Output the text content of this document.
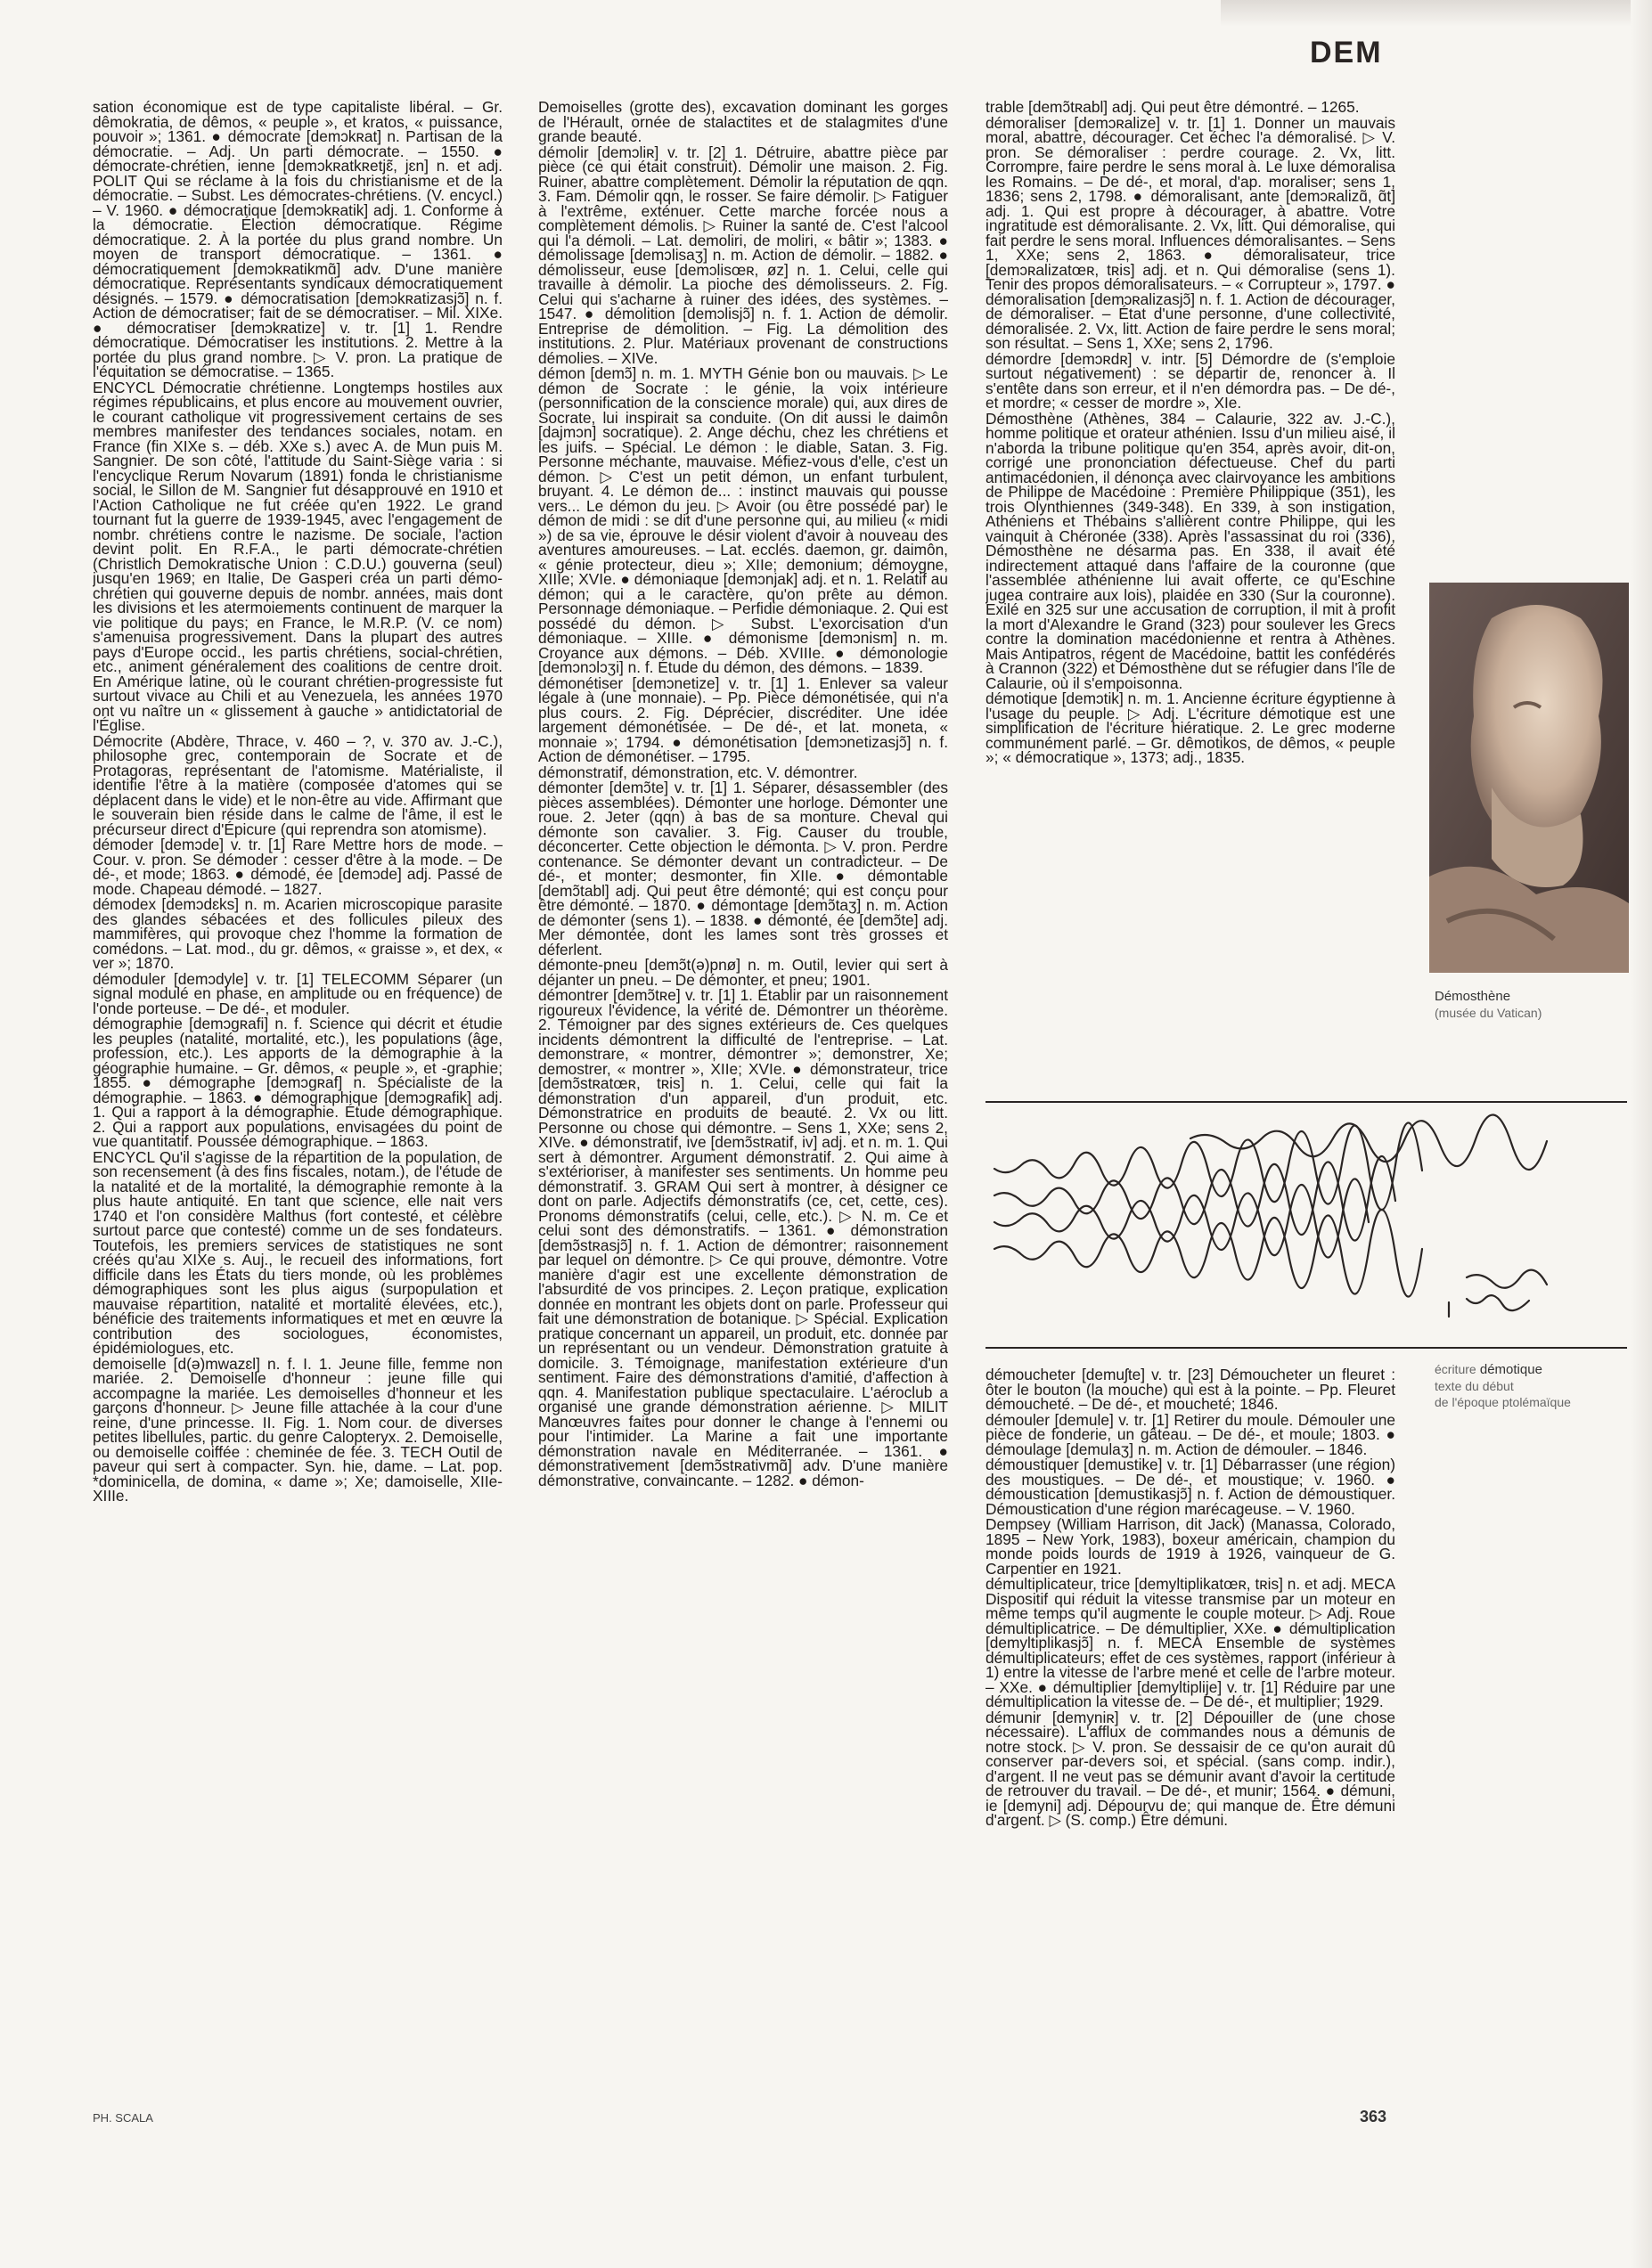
DEM

sation économique est de type capitaliste libéral. – Gr. dêmokratia, de dêmos, « peuple », et kratos, « puissance, pouvoir »; 1361. ● démocrate [demɔkʀat] n. Partisan de la démocratie. – Adj. Un parti démocrate. – 1550. ● démocrate-chrétien, ienne [demɔkʀatkʀetjɛ̃, jɛn] n. et adj. POLIT Qui se réclame à la fois du christianisme et de la démocratie. – Subst. Les démocrates-chrétiens. (V. encycl.) – V. 1960. ● démocratique [demɔkʀatik] adj. 1. Conforme à la démocratie. Élection démocratique. Régime démocratique. 2. À la portée du plus grand nombre. Un moyen de transport démocratique. – 1361. ● démocratiquement [demɔkʀatikmɑ̃] adv. D'une manière démocratique. Représentants syndicaux démocratiquement désignés. – 1579. ● démocratisation [demɔkʀatizasjɔ̃] n. f. Action de démocratiser; fait de se démocratiser. – Mil. XIXe. ● démocratiser [demɔkʀatize] v. tr. [1] 1. Rendre démocratique. Démocratiser les institutions. 2. Mettre à la portée du plus grand nombre. ▷ V. pron. La pratique de l'équitation se démocratise. – 1365.

ENCYCL Démocratie chrétienne. Longtemps hostiles aux régimes républicains, et plus encore au mouvement ouvrier, le courant catholique vit progressivement certains de ses membres manifester des tendances sociales, notam. en France (fin XIXe s. – déb. XXe s.) avec A. de Mun puis M. Sangnier. De son côté, l'attitude du Saint-Siège varia : si l'encyclique Rerum Novarum (1891) fonda le christianisme social, le Sillon de M. Sangnier fut désapprouvé en 1910 et l'Action Catholique ne fut créée qu'en 1922. Le grand tournant fut la guerre de 1939-1945, avec l'engagement de nombr. chrétiens contre le nazisme. De sociale, l'action devint polit. En R.F.A., le parti démocrate-chrétien (Christlich Demokratische Union : C.D.U.) gouverna (seul) jusqu'en 1969; en Italie, De Gasperi créa un parti démo-chrétien qui gouverne depuis de nombr. années, mais dont les divisions et les atermoiements continuent de marquer la vie politique du pays; en France, le M.R.P. (V. ce nom) s'amenuisa progressivement. Dans la plupart des autres pays d'Europe occid., les partis chrétiens, social-chrétien, etc., animent généralement des coalitions de centre droit. En Amérique latine, où le courant chrétien-progressiste fut surtout vivace au Chili et au Venezuela, les années 1970 ont vu naître un « glissement à gauche » antidictatorial de l'Église.

Démocrite (Abdère, Thrace, v. 460 – ?, v. 370 av. J.-C.), philosophe grec, contemporain de Socrate et de Protagoras, représentant de l'atomisme. Matérialiste, il identifie l'être à la matière (composée d'atomes qui se déplacent dans le vide) et le non-être au vide. Affirmant que le souverain bien réside dans le calme de l'âme, il est le précurseur direct d'Épicure (qui reprendra son atomisme).

démoder [demɔde] v. tr. [1] Rare Mettre hors de mode. – Cour. v. pron. Se démoder : cesser d'être à la mode. – De dé-, et mode; 1863. ● démodé, ée [demɔde] adj. Passé de mode. Chapeau démodé. – 1827.

démodex [demɔdɛks] n. m. Acarien microscopique parasite des glandes sébacées et des follicules pileux des mammifères, qui provoque chez l'homme la formation de comédons. – Lat. mod., du gr. dêmos, « graisse », et dex, « ver »; 1870.

démoduler [demɔdyle] v. tr. [1] TELECOMM Séparer (un signal modulé en phase, en amplitude ou en fréquence) de l'onde porteuse. – De dé-, et moduler.

démographie [demɔgʀafi] n. f. Science qui décrit et étudie les peuples (natalité, mortalité, etc.), les populations (âge, profession, etc.). Les apports de la démographie à la géographie humaine. – Gr. dêmos, « peuple », et -graphie; 1855. ● démographe [demɔgʀaf] n. Spécialiste de la démographie. – 1863. ● démographique [demɔgʀafik] adj. 1. Qui a rapport à la démographie. Étude démographique. 2. Qui a rapport aux populations, envisagées du point de vue quantitatif. Poussée démographique. – 1863.

ENCYCL Qu'il s'agisse de la répartition de la population, de son recensement (à des fins fiscales, notam.), de l'étude de la natalité et de la mortalité, la démographie remonte à la plus haute antiquité. En tant que science, elle nait vers 1740 et l'on considère Malthus (fort contesté, et célèbre surtout parce que contesté) comme un de ses fondateurs. Toutefois, les premiers services de statistiques ne sont créés qu'au XIXe s. Auj., le recueil des informations, fort difficile dans les États du tiers monde, où les problèmes démographiques sont les plus aigus (surpopulation et mauvaise répartition, natalité et mortalité élevées, etc.), bénéficie des traitements informatiques et met en œuvre la contribution des sociologues, économistes, épidémiologues, etc.

demoiselle [d(ə)mwazɛl] n. f. I. 1. Jeune fille, femme non mariée. 2. Demoiselle d'honneur : jeune fille qui accompagne la mariée. Les demoiselles d'honneur et les garçons d'honneur. ▷ Jeune fille attachée à la cour d'une reine, d'une princesse. II. Fig. 1. Nom cour. de diverses petites libellules, partic. du genre Calopteryx. 2. Demoiselle, ou demoiselle coiffée : cheminée de fée. 3. TECH Outil de paveur qui sert à compacter. Syn. hie, dame. – Lat. pop. *dominicella, de domina, « dame »; Xe; damoiselle, XIIe-XIIIe.

Demoiselles (grotte des), excavation dominant les gorges de l'Hérault, ornée de stalactites et de stalagmites d'une grande beauté.

démolir [demɔliʀ] v. tr. [2] 1. Détruire, abattre pièce par pièce (ce qui était construit). Démolir une maison. 2. Fig. Ruiner, abattre complètement. Démolir la réputation de qqn. 3. Fam. Démolir qqn, le rosser. Se faire démolir. ▷ Fatiguer à l'extrême, exténuer. Cette marche forcée nous a complètement démolis. ▷ Ruiner la santé de. C'est l'alcool qui l'a démoli. – Lat. demoliri, de moliri, « bâtir »; 1383. ● démolissage [demɔlisaʒ] n. m. Action de démolir. – 1882. ● démolisseur, euse [demɔlisœʀ, øz] n. 1. Celui, celle qui travaille à démolir. La pioche des démolisseurs. 2. Fig. Celui qui s'acharne à ruiner des idées, des systèmes. – 1547. ● démolition [demɔlisjɔ̃] n. f. 1. Action de démolir. Entreprise de démolition. – Fig. La démolition des institutions. 2. Plur. Matériaux provenant de constructions démolies. – XIVe.

démon [demɔ̃] n. m. 1. MYTH Génie bon ou mauvais. ▷ Le démon de Socrate : le génie, la voix intérieure (personnification de la conscience morale) qui, aux dires de Socrate, lui inspirait sa conduite. (On dit aussi le daimôn [dajmɔn] socratique). 2. Ange déchu, chez les chrétiens et les juifs. – Spécial. Le démon : le diable, Satan. 3. Fig. Personne méchante, mauvaise. Méfiez-vous d'elle, c'est un démon. ▷ C'est un petit démon, un enfant turbulent, bruyant. 4. Le démon de... : instinct mauvais qui pousse vers... Le démon du jeu. ▷ Avoir (ou être possédé par) le démon de midi : se dit d'une personne qui, au milieu (« midi ») de sa vie, éprouve le désir violent d'avoir à nouveau des aventures amoureuses. – Lat. ecclés. daemon, gr. daimôn, « génie protecteur, dieu »; XIIe; demonium; démoygne, XIIIe; XVIe. ● démoniaque [demɔnjak] adj. et n. 1. Relatif au démon; qui a le caractère, qu'on prête au démon. Personnage démoniaque. – Perfidie démoniaque. 2. Qui est possédé du démon. ▷ Subst. L'exorcisation d'un démoniaque. – XIIIe. ● démonisme [demɔnism] n. m. Croyance aux démons. – Déb. XVIIIe. ● démonologie [demɔnɔlɔʒi] n. f. Étude du démon, des démons. – 1839.

démonétiser [demɔnetize] v. tr. [1] 1. Enlever sa valeur légale à (une monnaie). – Pp. Pièce démonétisée, qui n'a plus cours. 2. Fig. Déprécier, discréditer. Une idée largement démonétisée. – De dé-, et lat. moneta, « monnaie »; 1794. ● démonétisation [demɔnetizasjɔ̃] n. f. Action de démonétiser. – 1795.

démonstratif, démonstration, etc. V. démontrer.

démonter [demɔ̃te] v. tr. [1] 1. Séparer, désassembler (des pièces assemblées). Démonter une horloge. Démonter une roue. 2. Jeter (qqn) à bas de sa monture. Cheval qui démonte son cavalier. 3. Fig. Causer du trouble, déconcerter. Cette objection le démonta. ▷ V. pron. Perdre contenance. Se démonter devant un contradicteur. – De dé-, et monter; desmonter, fin XIIe. ● démontable [demɔ̃tabl] adj. Qui peut être démonté; qui est conçu pour être démonté. – 1870. ● démontage [demɔ̃taʒ] n. m. Action de démonter (sens 1). – 1838. ● démonté, ée [demɔ̃te] adj. Mer démontée, dont les lames sont très grosses et déferlent.

démonte-pneu [demɔ̃t(ə)pnø] n. m. Outil, levier qui sert à déjanter un pneu. – De démonter, et pneu; 1901.

démontrer [demɔ̃tʀe] v. tr. [1] 1. Établir par un raisonnement rigoureux l'évidence, la vérité de. Démontrer un théorème. 2. Témoigner par des signes extérieurs de. Ces quelques incidents démontrent la difficulté de l'entreprise. – Lat. demonstrare, « montrer, démontrer »; demonstrer, Xe; demostrer, « montrer », XIIe; XVIe. ● démonstrateur, trice [demɔ̃stʀatœʀ, tʀis] n. 1. Celui, celle qui fait la démonstration d'un appareil, d'un produit, etc. Démonstratrice en produits de beauté. 2. Vx ou litt. Personne ou chose qui démontre. – Sens 1, XXe; sens 2, XIVe. ● démonstratif, ive [demɔ̃stʀatif, iv] adj. et n. m. 1. Qui sert à démontrer. Argument démonstratif. 2. Qui aime à s'extérioriser, à manifester ses sentiments. Un homme peu démonstratif. 3. GRAM Qui sert à montrer, à désigner ce dont on parle. Adjectifs démonstratifs (ce, cet, cette, ces). Pronoms démonstratifs (celui, celle, etc.). ▷ N. m. Ce et celui sont des démonstratifs. – 1361. ● démonstration [demɔ̃stʀasjɔ̃] n. f. 1. Action de démontrer; raisonnement par lequel on démontre. ▷ Ce qui prouve, démontre. Votre manière d'agir est une excellente démonstration de l'absurdité de vos principes. 2. Leçon pratique, explication donnée en montrant les objets dont on parle. Professeur qui fait une démonstration de botanique. ▷ Spécial. Explication pratique concernant un appareil, un produit, etc. donnée par un représentant ou un vendeur. Démonstration gratuite à domicile. 3. Témoignage, manifestation extérieure d'un sentiment. Faire des démonstrations d'amitié, d'affection à qqn. 4. Manifestation publique spectaculaire. L'aéroclub a organisé une grande démonstration aérienne. ▷ MILIT Manœuvres faites pour donner le change à l'ennemi ou pour l'intimider. La Marine a fait une importante démonstration navale en Méditerranée. – 1361. ● démonstrativement [demɔ̃stʀativmɑ̃] adv. D'une manière démonstrative, convaincante. – 1282. ● démon-

trable [demɔ̃tʀabl] adj. Qui peut être démontré. – 1265.

démoraliser [demɔʀalize] v. tr. [1] 1. Donner un mauvais moral, abattre, décourager. Cet échec l'a démoralisé. ▷ V. pron. Se démoraliser : perdre courage. 2. Vx, litt. Corrompre, faire perdre le sens moral à. Le luxe démoralisa les Romains. – De dé-, et moral, d'ap. moraliser; sens 1, 1836; sens 2, 1798. ● démoralisant, ante [demɔʀalizɑ̃, ɑ̃t] adj. 1. Qui est propre à décourager, à abattre. Votre ingratitude est démoralisante. 2. Vx, litt. Qui démoralise, qui fait perdre le sens moral. Influences démoralisantes. – Sens 1, XXe; sens 2, 1863. ● démoralisateur, trice [demɔʀalizatœʀ, tʀis] adj. et n. Qui démoralise (sens 1). Tenir des propos démoralisateurs. – « Corrupteur », 1797. ● démoralisation [demɔʀalizasjɔ̃] n. f. 1. Action de décourager, de démoraliser. – État d'une personne, d'une collectivité, démoralisée. 2. Vx, litt. Action de faire perdre le sens moral; son résultat. – Sens 1, XXe; sens 2, 1796.

démordre [demɔʀdʀ] v. intr. [5] Démordre de (s'emploie surtout négativement) : se départir de, renoncer à. Il s'entête dans son erreur, et il n'en démordra pas. – De dé-, et mordre; « cesser de mordre », XIe.

Démosthène (Athènes, 384 – Calaurie, 322 av. J.-C.), homme politique et orateur athénien. Issu d'un milieu aisé, il n'aborda la tribune politique qu'en 354, après avoir, dit-on, corrigé une prononciation défectueuse. Chef du parti antimacédonien, il dénonça avec clairvoyance les ambitions de Philippe de Macédoine : Première Philippique (351), les trois Olynthiennes (349-348). En 339, à son instigation, Athéniens et Thébains s'allièrent contre Philippe, qui les vainquit à Chéronée (338). Après l'assassinat du roi (336), Démosthène ne désarma pas. En 338, il avait été indirectement attaqué dans l'affaire de la couronne (que l'assemblée athénienne lui avait offerte, ce qu'Eschine jugea contraire aux lois), plaidée en 330 (Sur la couronne). Exilé en 325 sur une accusation de corruption, il mit à profit la mort d'Alexandre le Grand (323) pour soulever les Grecs contre la domination macédonienne et rentra à Athènes. Mais Antipatros, régent de Macédoine, battit les confédérés à Crannon (322) et Démosthène dut se réfugier dans l'île de Calaurie, où il s'empoisonna.

démotique [demɔtik] n. m. 1. Ancienne écriture égyptienne à l'usage du peuple. ▷ Adj. L'écriture démotique est une simplification de l'écriture hiératique. 2. Le grec moderne communément parlé. – Gr. dêmotikos, de dêmos, « peuple »; « démocratique », 1373; adj., 1835.

Démosthène
(musée du Vatican)
écriture démotique
texte du début
de l'époque ptolémaïque

démoucheter [demuʃte] v. tr. [23] Démoucheter un fleuret : ôter le bouton (la mouche) qui est à la pointe. – Pp. Fleuret démoucheté. – De dé-, et moucheté; 1846.

démouler [demule] v. tr. [1] Retirer du moule. Démouler une pièce de fonderie, un gâteau. – De dé-, et moule; 1803. ● démoulage [demulaʒ] n. m. Action de démouler. – 1846.

démoustiquer [demustike] v. tr. [1] Débarrasser (une région) des moustiques. – De dé-, et moustique; v. 1960. ● démoustication [demustikasjɔ̃] n. f. Action de démoustiquer. Démoustication d'une région marécageuse. – V. 1960.

Dempsey (William Harrison, dit Jack) (Manassa, Colorado, 1895 – New York, 1983), boxeur américain, champion du monde poids lourds de 1919 à 1926, vainqueur de G. Carpentier en 1921.

démultiplicateur, trice [demyltiplikatœʀ, tʀis] n. et adj. MECA Dispositif qui réduit la vitesse transmise par un moteur en même temps qu'il augmente le couple moteur. ▷ Adj. Roue démultiplicatrice. – De démultiplier, XXe. ● démultiplication [demyltiplikasjɔ̃] n. f. MECA Ensemble de systèmes démultiplicateurs; effet de ces systèmes, rapport (inférieur à 1) entre la vitesse de l'arbre mené et celle de l'arbre moteur. – XXe. ● démultiplier [demyltiplije] v. tr. [1] Réduire par une démultiplication la vitesse de. – De dé-, et multiplier; 1929.

démunir [demyniʀ] v. tr. [2] Dépouiller de (une chose nécessaire). L'afflux de commandes nous a démunis de notre stock. ▷ V. pron. Se dessaisir de ce qu'on aurait dû conserver par-devers soi, et spécial. (sans comp. indir.), d'argent. Il ne veut pas se démunir avant d'avoir la certitude de retrouver du travail. – De dé-, et munir; 1564. ● démuni, ie [demyni] adj. Dépourvu de; qui manque de. Être démuni d'argent. ▷ (S. comp.) Être démuni.

PH. SCALA	363
